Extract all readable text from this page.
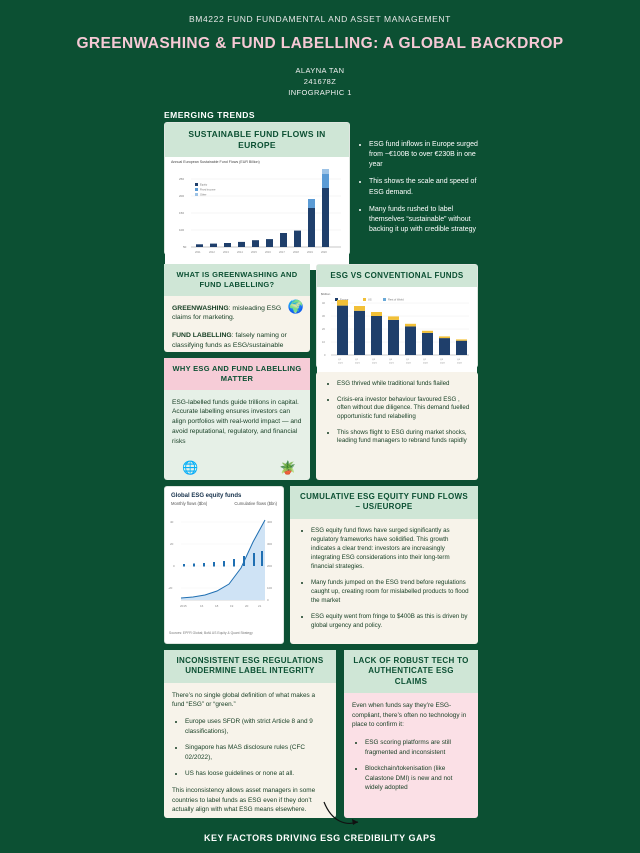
BM4222 FUND FUNDAMENTAL AND ASSET MANAGEMENT
GREENWASHING & FUND LABELLING: A GLOBAL BACKDROP
ALAYNA TAN
241678Z
INFOGRAPHIC 1
EMERGING TRENDS
SUSTAINABLE FUND FLOWS IN EUROPE
Annual European Sustainable Fund Flows (EUR Billion)
250
200
150
100
50
2011	2012	2013	2014	2015	2016	2017	2018	2019	2020
Equity
Fixed income
Other
• ESG fund inflows in Europe surged from ~€100B to over €230B in one year
• This shows the scale and speed of ESG demand.
• Many funds rushed to label themselves “sustainable” without backing it up with credible strategy
WHAT IS GREENWASHING AND FUND LABELLING?
🌍

GREENWASHING: misleading ESG claims for marketing.

FUND LABELLING: falsely naming or classifying funds as ESG/sustainable

ESG VS CONVENTIONAL FUNDS
$billion
40
30
20
10
0
US	Rest of World
Q1
2021
Q2
2021
Q3
2021
Q4
2021
Q1
2022
Q2
2022
Q3
2022
Q4
2022
WHY ESG AND FUND LABELLING MATTER
ESG-labelled funds guide trillions in capital. Accurate labelling ensures investors can align portfolios with real-world impact — and avoid reputational, regulatory, and financial risks
🌐	🪴
• ESG thrived while traditional funds flailed
• Crisis-era investor behaviour favoured ESG , often without due diligence. This demand fuelled opportunistic fund relabelling
• This shows flight to ESG during market shocks, leading fund managers to rebrand funds rapidly
Global ESG equity funds
Monthly flows ($bn)	Cumulative flows ($bn)
40
20
0
-20
400
300
200
100
0
2015	16	18	19	20	21
Sources: EPFR Global; BofA US Equity & Quant Strategy
CUMULATIVE ESG EQUITY FUND FLOWS – US/EUROPE
• ESG equity fund flows have surged significantly as regulatory frameworks have solidified. This growth indicates a clear trend: investors are increasingly integrating ESG considerations into their long-term financial strategies.
• Many funds jumped on the ESG trend before regulations caught up, creating room for mislabelled products to flood the market
• ESG equity went from fringe to $400B as this is driven by global urgency and policy.
INCONSISTENT ESG REGULATIONS UNDERMINE LABEL INTEGRITY

There’s no single global definition of what makes a fund “ESG” or “green.”

• Europe uses SFDR (with strict Article 8 and 9 classifications),
• Singapore has MAS disclosure rules (CFC 02/2022),
• US has loose guidelines or none at all.

This inconsistency allows asset managers in some countries to label funds as ESG even if they don’t actually align with what ESG means elsewhere.

LACK OF ROBUST TECH TO AUTHENTICATE ESG CLAIMS

Even when funds say they’re ESG-compliant, there’s often no technology in place to confirm it:

• ESG scoring platforms are still fragmented and inconsistent
• Blockchain/tokenisation (like Calastone DMI) is new and not widely adopted
KEY FACTORS DRIVING ESG CREDIBILITY GAPS
